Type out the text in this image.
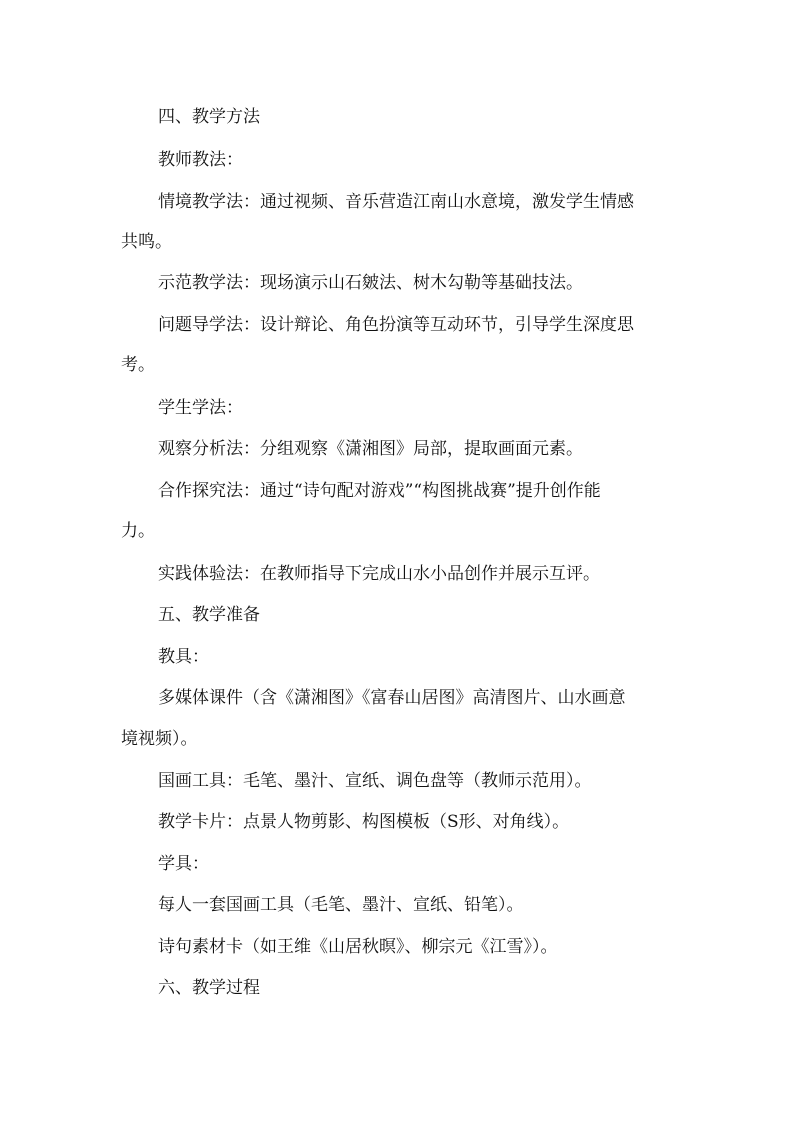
四、教学方法
教师教法：
情境教学法：通过视频、音乐营造江南山水意境，激发学生情感
共鸣。
示范教学法：现场演示山石皴法、树木勾勒等基础技法。
问题导学法：设计辩论、角色扮演等互动环节，引导学生深度思
考。
学生学法：
观察分析法：分组观察《潇湘图》局部，提取画面元素。
合作探究法：通过“诗句配对游戏”“构图挑战赛”提升创作能
力。
实践体验法：在教师指导下完成山水小品创作并展示互评。
五、教学准备
教具：
多媒体课件（含《潇湘图》《富春山居图》高清图片、山水画意
境视频）。
国画工具：毛笔、墨汁、宣纸、调色盘等（教师示范用）。
教学卡片：点景人物剪影、构图模板（S形、对角线）。
学具：
每人一套国画工具（毛笔、墨汁、宣纸、铅笔）。
诗句素材卡（如王维《山居秋暝》、柳宗元《江雪》）。
六、教学过程
